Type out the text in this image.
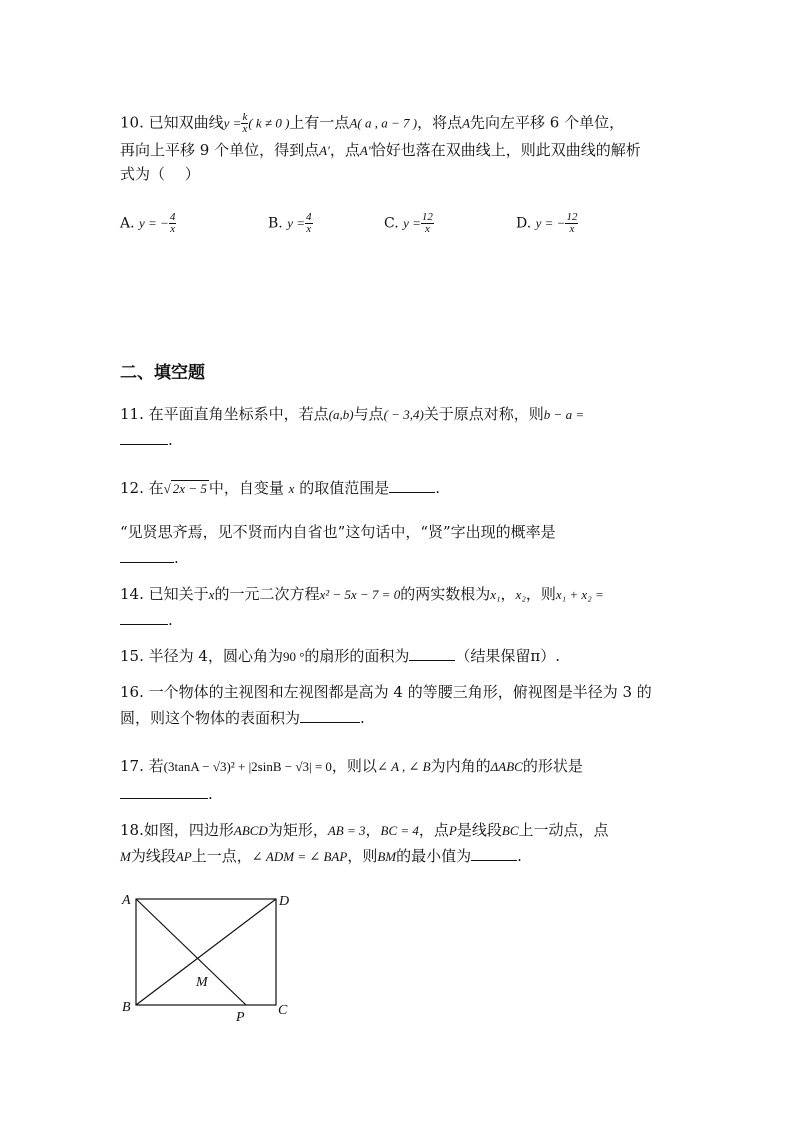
10. 已知双曲线$y = \frac{k}{x}$ ( k ≠ 0 )上有一点A( a , a − 7 )，将点A先向左平移 6 个单位，
再向上平移 9 个单位，得到点A′，点A′恰好也落在双曲线上，则此双曲线的解析
式为（　 ）
A. y = − $\frac{4}{x}$	B. $y = \frac{4}{x}$	C. $y = \frac{12}{x}$	D. y = − $\frac{12}{x}$
二、填空题
11. 在平面直角坐标系中，若点(a,b)与点( − 3,4)关于原点对称，则b − a =
.
12. 在√ 2x − 5 中，自变量 x 的取值范围是	.
“见贤思齐焉，见不贤而内自省也”这句话中，“贤”字出现的概率是
.
14. 已知关于x的一元二次方程x² − 5x − 7 = 0的两实数根为x₁，x₂，则x₁ + x₂ =
.
15. 半径为 4，圆心角为90 °的扇形的面积为	（结果保留π）.
16. 一个物体的主视图和左视图都是高为 4 的等腰三角形，俯视图是半径为 3 的
圆，则这个物体的表面积为	.
17. 若(3tanA − √3)² + |2sinB − √3| = 0，则以∠ A , ∠ B为内角的ΔABC的形状是
.
18.如图，四边形ABCD为矩形，AB = 3，BC = 4，点P是线段BC上一动点，点
M为线段AP上一点，∠ ADM = ∠ BAP，则BM的最小值为	.
A	D
B	C
M
P
